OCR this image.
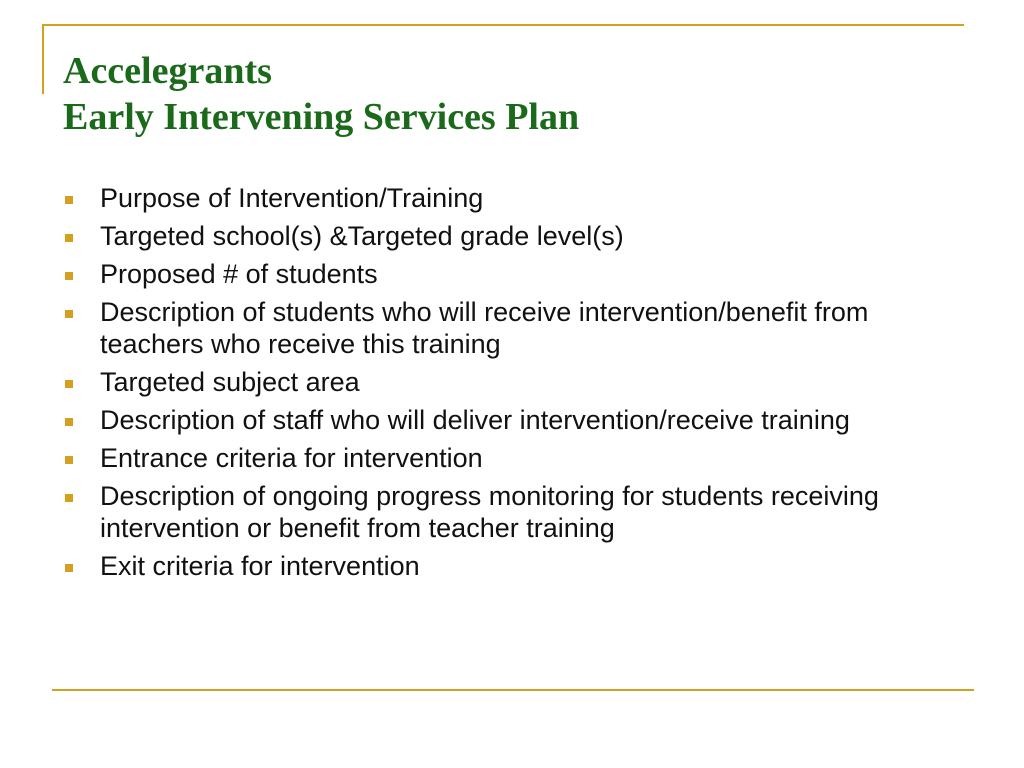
Accelegrants
Early Intervening Services Plan
Purpose of Intervention/Training
Targeted school(s) &Targeted grade level(s)
Proposed # of students
Description of students who will receive intervention/benefit from teachers who receive this training
Targeted subject area
Description of staff who will deliver intervention/receive training
Entrance criteria for intervention
Description of ongoing progress monitoring for students receiving intervention or benefit from teacher training
Exit criteria for intervention
